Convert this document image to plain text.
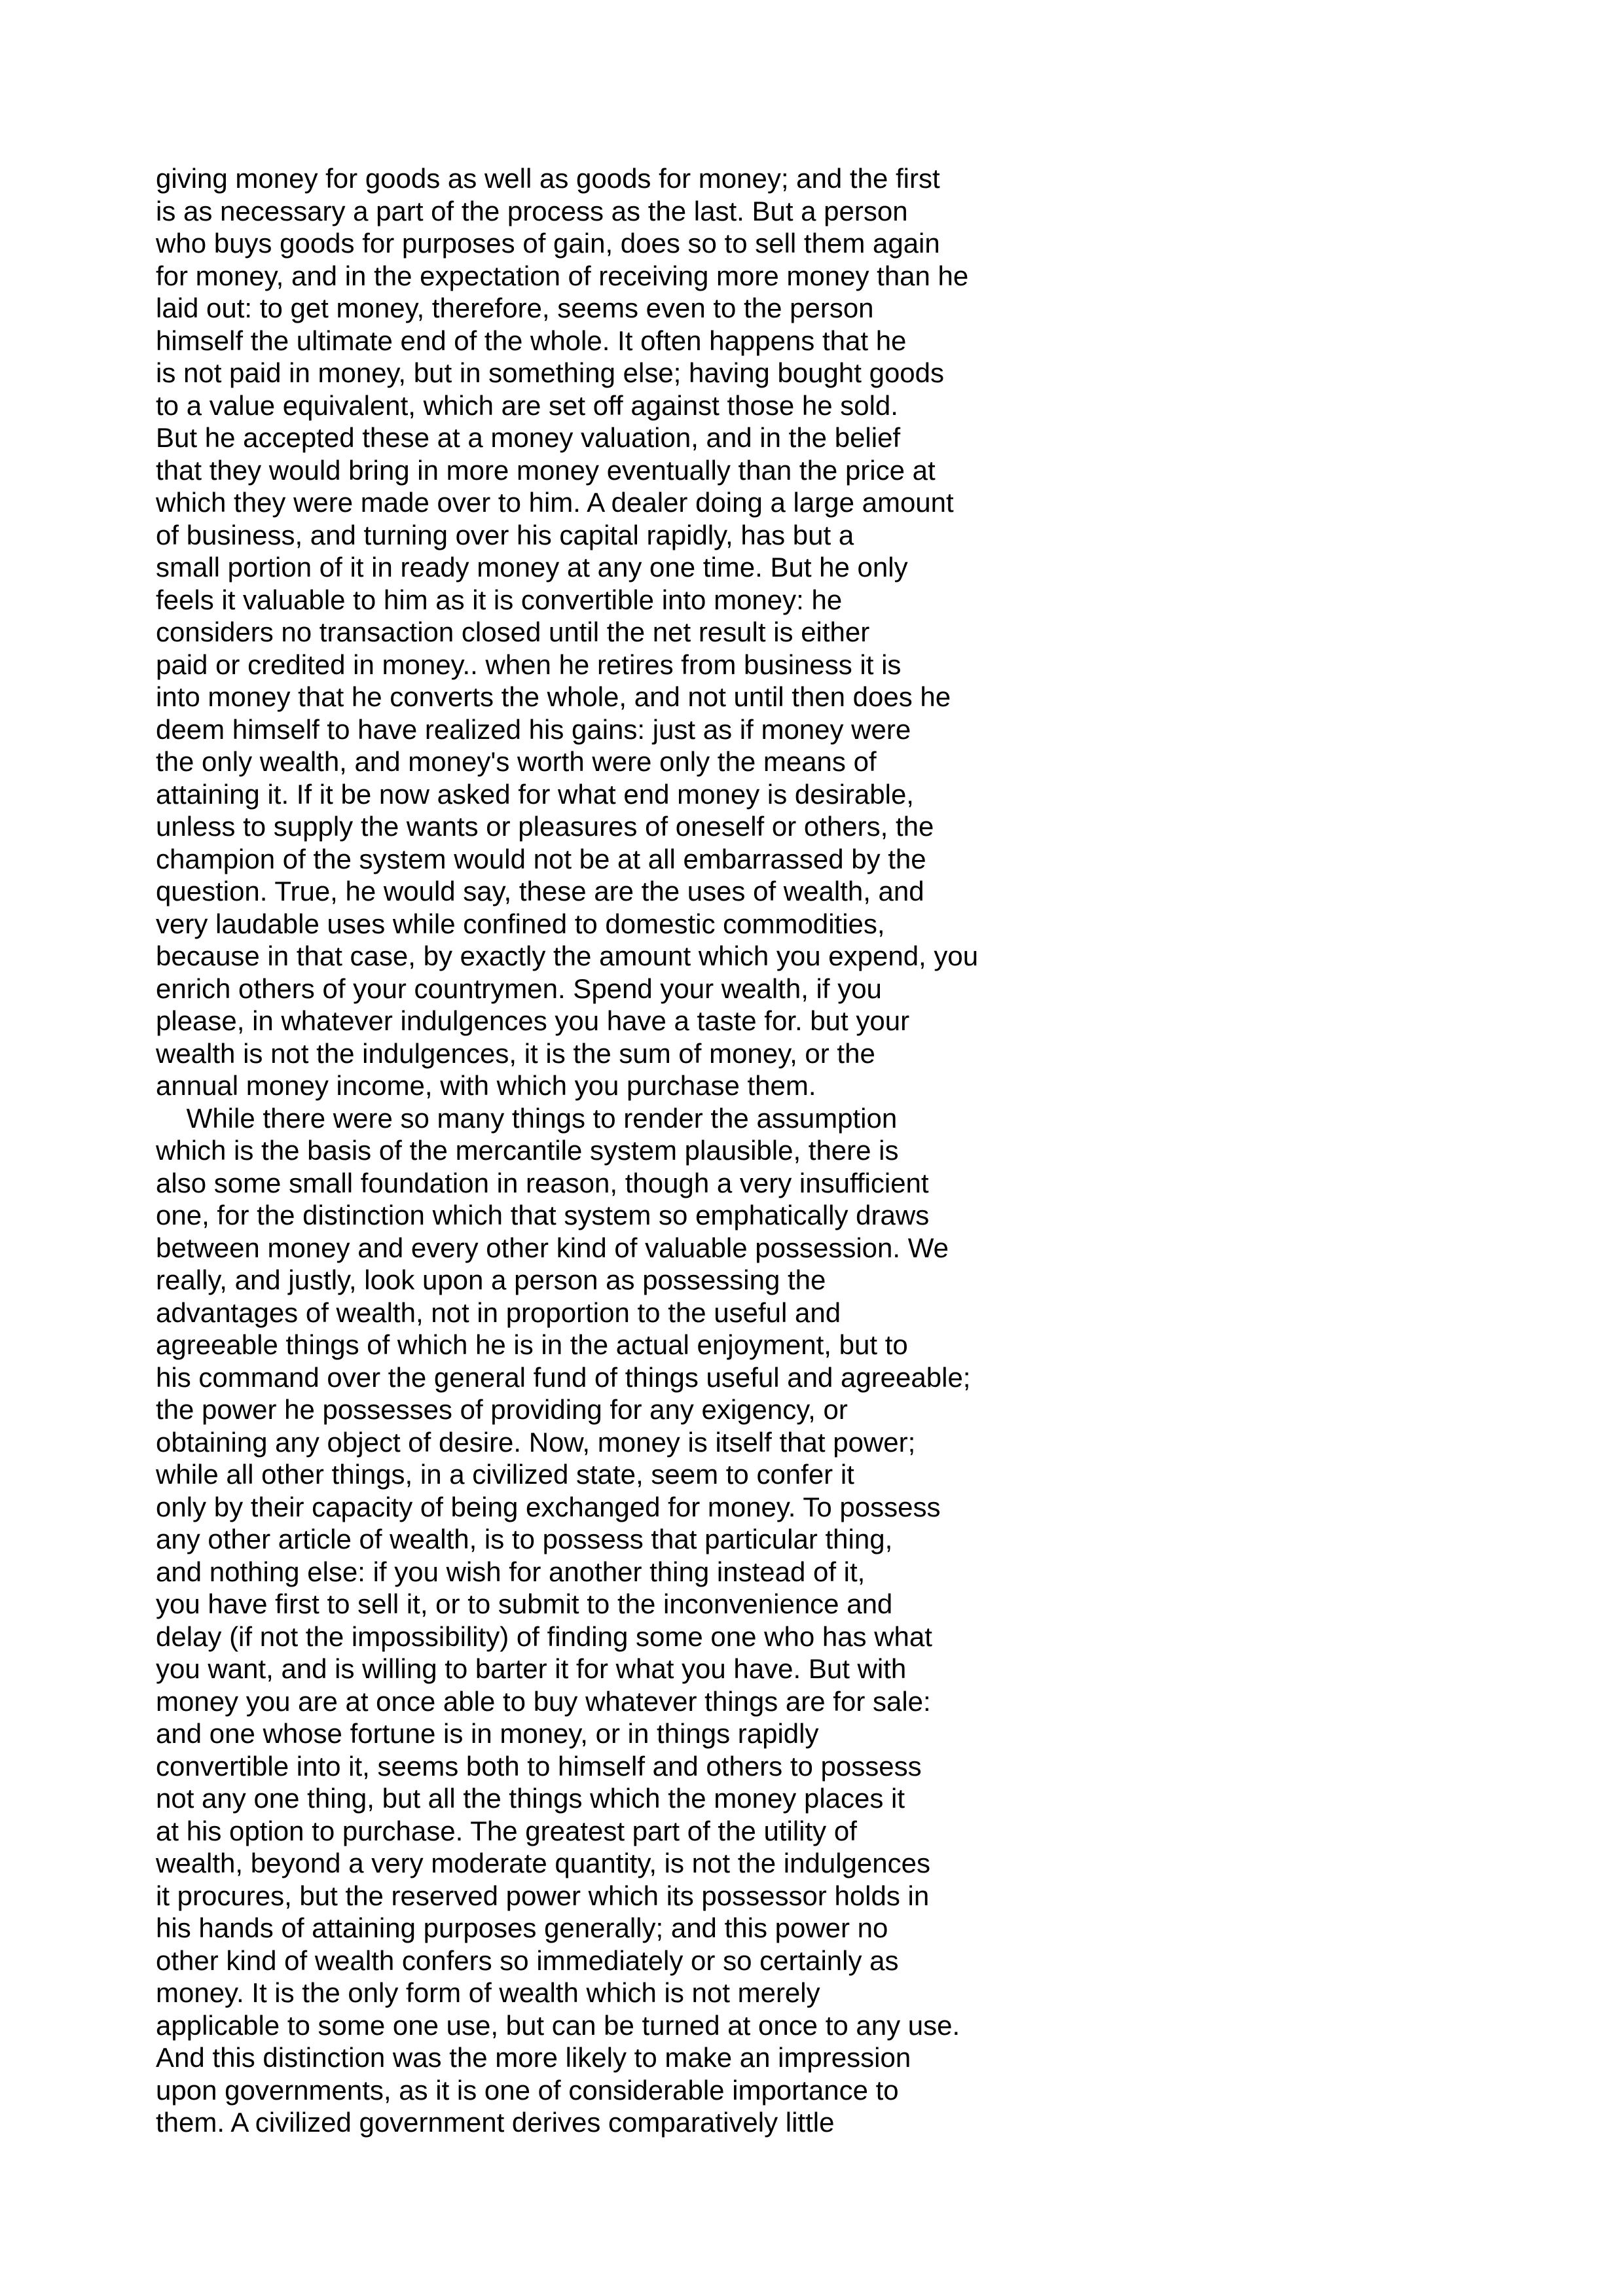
giving money for goods as well as goods for money; and the first
is as necessary a part of the process as the last. But a person
who buys goods for purposes of gain, does so to sell them again
for money, and in the expectation of receiving more money than he
laid out: to get money, therefore, seems even to the person
himself the ultimate end of the whole. It often happens that he
is not paid in money, but in something else; having bought goods
to a value equivalent, which are set off against those he sold.
But he accepted these at a money valuation, and in the belief
that they would bring in more money eventually than the price at
which they were made over to him. A dealer doing a large amount
of business, and turning over his capital rapidly, has but a
small portion of it in ready money at any one time. But he only
feels it valuable to him as it is convertible into money: he
considers no transaction closed until the net result is either
paid or credited in money.. when he retires from business it is
into money that he converts the whole, and not until then does he
deem himself to have realized his gains: just as if money were
the only wealth, and money's worth were only the means of
attaining it. If it be now asked for what end money is desirable,
unless to supply the wants or pleasures of oneself or others, the
champion of the system would not be at all embarrassed by the
question. True, he would say, these are the uses of wealth, and
very laudable uses while confined to domestic commodities,
because in that case, by exactly the amount which you expend, you
enrich others of your countrymen. Spend your wealth, if you
please, in whatever indulgences you have a taste for. but your
wealth is not the indulgences, it is the sum of money, or the
annual money income, with which you purchase them.
While there were so many things to render the assumption
which is the basis of the mercantile system plausible, there is
also some small foundation in reason, though a very insufficient
one, for the distinction which that system so emphatically draws
between money and every other kind of valuable possession. We
really, and justly, look upon a person as possessing the
advantages of wealth, not in proportion to the useful and
agreeable things of which he is in the actual enjoyment, but to
his command over the general fund of things useful and agreeable;
the power he possesses of providing for any exigency, or
obtaining any object of desire. Now, money is itself that power;
while all other things, in a civilized state, seem to confer it
only by their capacity of being exchanged for money. To possess
any other article of wealth, is to possess that particular thing,
and nothing else: if you wish for another thing instead of it,
you have first to sell it, or to submit to the inconvenience and
delay (if not the impossibility) of finding some one who has what
you want, and is willing to barter it for what you have. But with
money you are at once able to buy whatever things are for sale:
and one whose fortune is in money, or in things rapidly
convertible into it, seems both to himself and others to possess
not any one thing, but all the things which the money places it
at his option to purchase. The greatest part of the utility of
wealth, beyond a very moderate quantity, is not the indulgences
it procures, but the reserved power which its possessor holds in
his hands of attaining purposes generally; and this power no
other kind of wealth confers so immediately or so certainly as
money. It is the only form of wealth which is not merely
applicable to some one use, but can be turned at once to any use.
And this distinction was the more likely to make an impression
upon governments, as it is one of considerable importance to
them. A civilized government derives comparatively little
